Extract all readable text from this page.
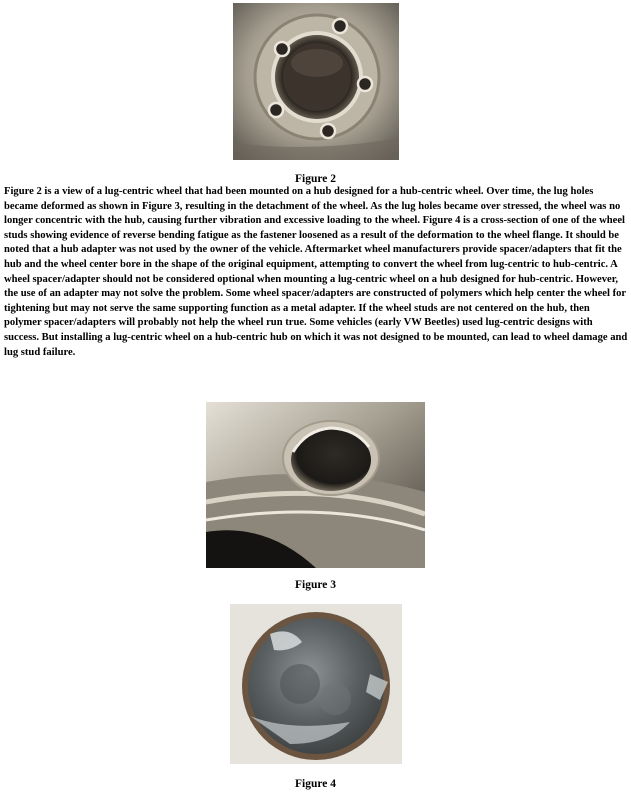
Figure 2

Figure 2 is a view of a lug-centric wheel that had been mounted on a hub designed for a hub-centric wheel. Over time, the lug holes became deformed as shown in Figure 3, resulting in the detachment of the wheel. As the lug holes became over stressed, the wheel was no longer concentric with the hub, causing further vibration and excessive loading to the wheel. Figure 4 is a cross-section of one of the wheel studs showing evidence of reverse bending fatigue as the fastener loosened as a result of the deformation to the wheel flange. It should be noted that a hub adapter was not used by the owner of the vehicle. Aftermarket wheel manufacturers provide spacer/adapters that fit the hub and the wheel center bore in the shape of the original equipment, attempting to convert the wheel from lug-centric to hub-centric. A wheel spacer/adapter should not be considered optional when mounting a lug-centric wheel on a hub designed for hub-centric. However, the use of an adapter may not solve the problem. Some wheel spacer/adapters are constructed of polymers which help center the wheel for tightening but may not serve the same supporting function as a metal adapter. If the wheel studs are not centered on the hub, then polymer spacer/adapters will probably not help the wheel run true. Some vehicles (early VW Beetles) used lug-centric designs with success. But installing a lug-centric wheel on a hub-centric hub on which it was not designed to be mounted, can lead to wheel damage and lug stud failure.

Figure 3
Figure 4
